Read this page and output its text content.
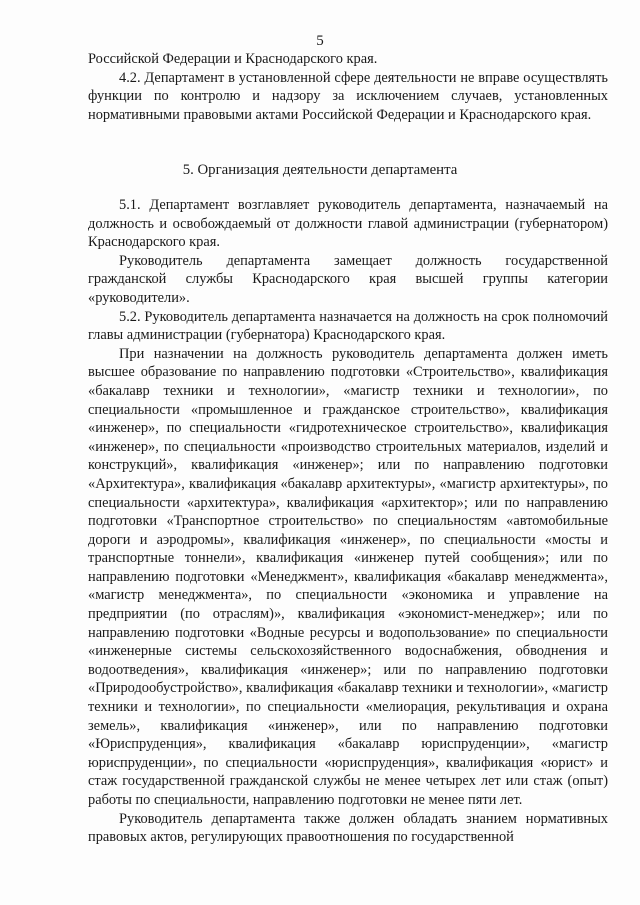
5

Российской Федерации и Краснодарского края.

4.2. Департамент в установленной сфере деятельности не вправе осуществлять функции по контролю и надзору за исключением случаев, установленных нормативными правовыми актами Российской Федерации и Краснодарского края.

5. Организация деятельности департамента

5.1. Департамент возглавляет руководитель департамента, назначаемый на должность и освобождаемый от должности главой администрации (губернатором) Краснодарского края.

Руководитель департамента замещает должность государственной гражданской службы Краснодарского края высшей группы категории «руководители».

5.2. Руководитель департамента назначается на должность на срок полномочий главы администрации (губернатора) Краснодарского края.

При назначении на должность руководитель департамента должен иметь высшее образование по направлению подготовки «Строительство», квалификация «бакалавр техники и технологии», «магистр техники и технологии», по специальности «промышленное и гражданское строительство», квалификация «инженер», по специальности «гидротехническое строительство», квалификация «инженер», по специальности «производство строительных материалов, изделий и конструкций», квалификация «инженер»; или по направлению подготовки «Архитектура», квалификация «бакалавр архитектуры», «магистр архитектуры», по специальности «архитектура», квалификация «архитектор»; или по направлению подготовки «Транспортное строительство» по специальностям «автомобильные дороги и аэродромы», квалификация «инженер», по специальности «мосты и транспортные тоннели», квалификация «инженер путей сообщения»; или по направлению подготовки «Менеджмент», квалификация «бакалавр менеджмента», «магистр менеджмента», по специальности «экономика и управление на предприятии (по отраслям)», квалификация «экономист-менеджер»; или по направлению подготовки «Водные ресурсы и водопользование» по специальности «инженерные системы сельскохозяйственного водоснабжения, обводнения и водоотведения», квалификация «инженер»; или по направлению подготовки «Природообустройство», квалификация «бакалавр техники и технологии», «магистр техники и технологии», по специальности «мелиорация, рекультивация и охрана земель», квалификация «инженер», или по направлению подготовки «Юриспруденция», квалификация «бакалавр юриспруденции», «магистр юриспруденции», по специальности «юриспруденция», квалификация «юрист» и стаж государственной гражданской службы не менее четырех лет или стаж (опыт) работы по специальности, направлению подготовки не менее пяти лет.

Руководитель департамента также должен обладать знанием нормативных правовых актов, регулирующих правоотношения по государственной
